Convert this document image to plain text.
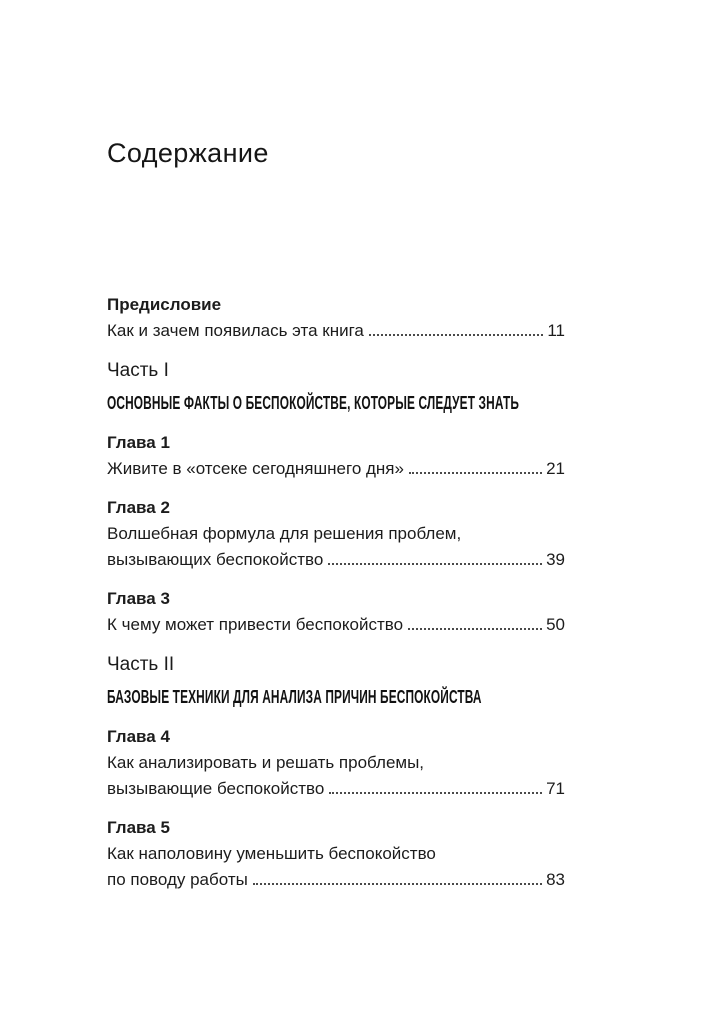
Содержание
Предисловие
Как и зачем появилась эта книга	11
Часть I
ОСНОВНЫЕ ФАКТЫ О БЕСПОКОЙСТВЕ, КОТОРЫЕ СЛЕДУЕТ ЗНАТЬ
Глава 1
Живите в «отсеке сегодняшнего дня»	21
Глава 2
Волшебная формула для решения проблем,
вызывающих беспокойство	39
Глава 3
К чему может привести беспокойство	50
Часть II
БАЗОВЫЕ ТЕХНИКИ ДЛЯ АНАЛИЗА ПРИЧИН БЕСПОКОЙСТВА
Глава 4
Как анализировать и решать проблемы,
вызывающие беспокойство	71
Глава 5
Как наполовину уменьшить беспокойство
по поводу работы	83
